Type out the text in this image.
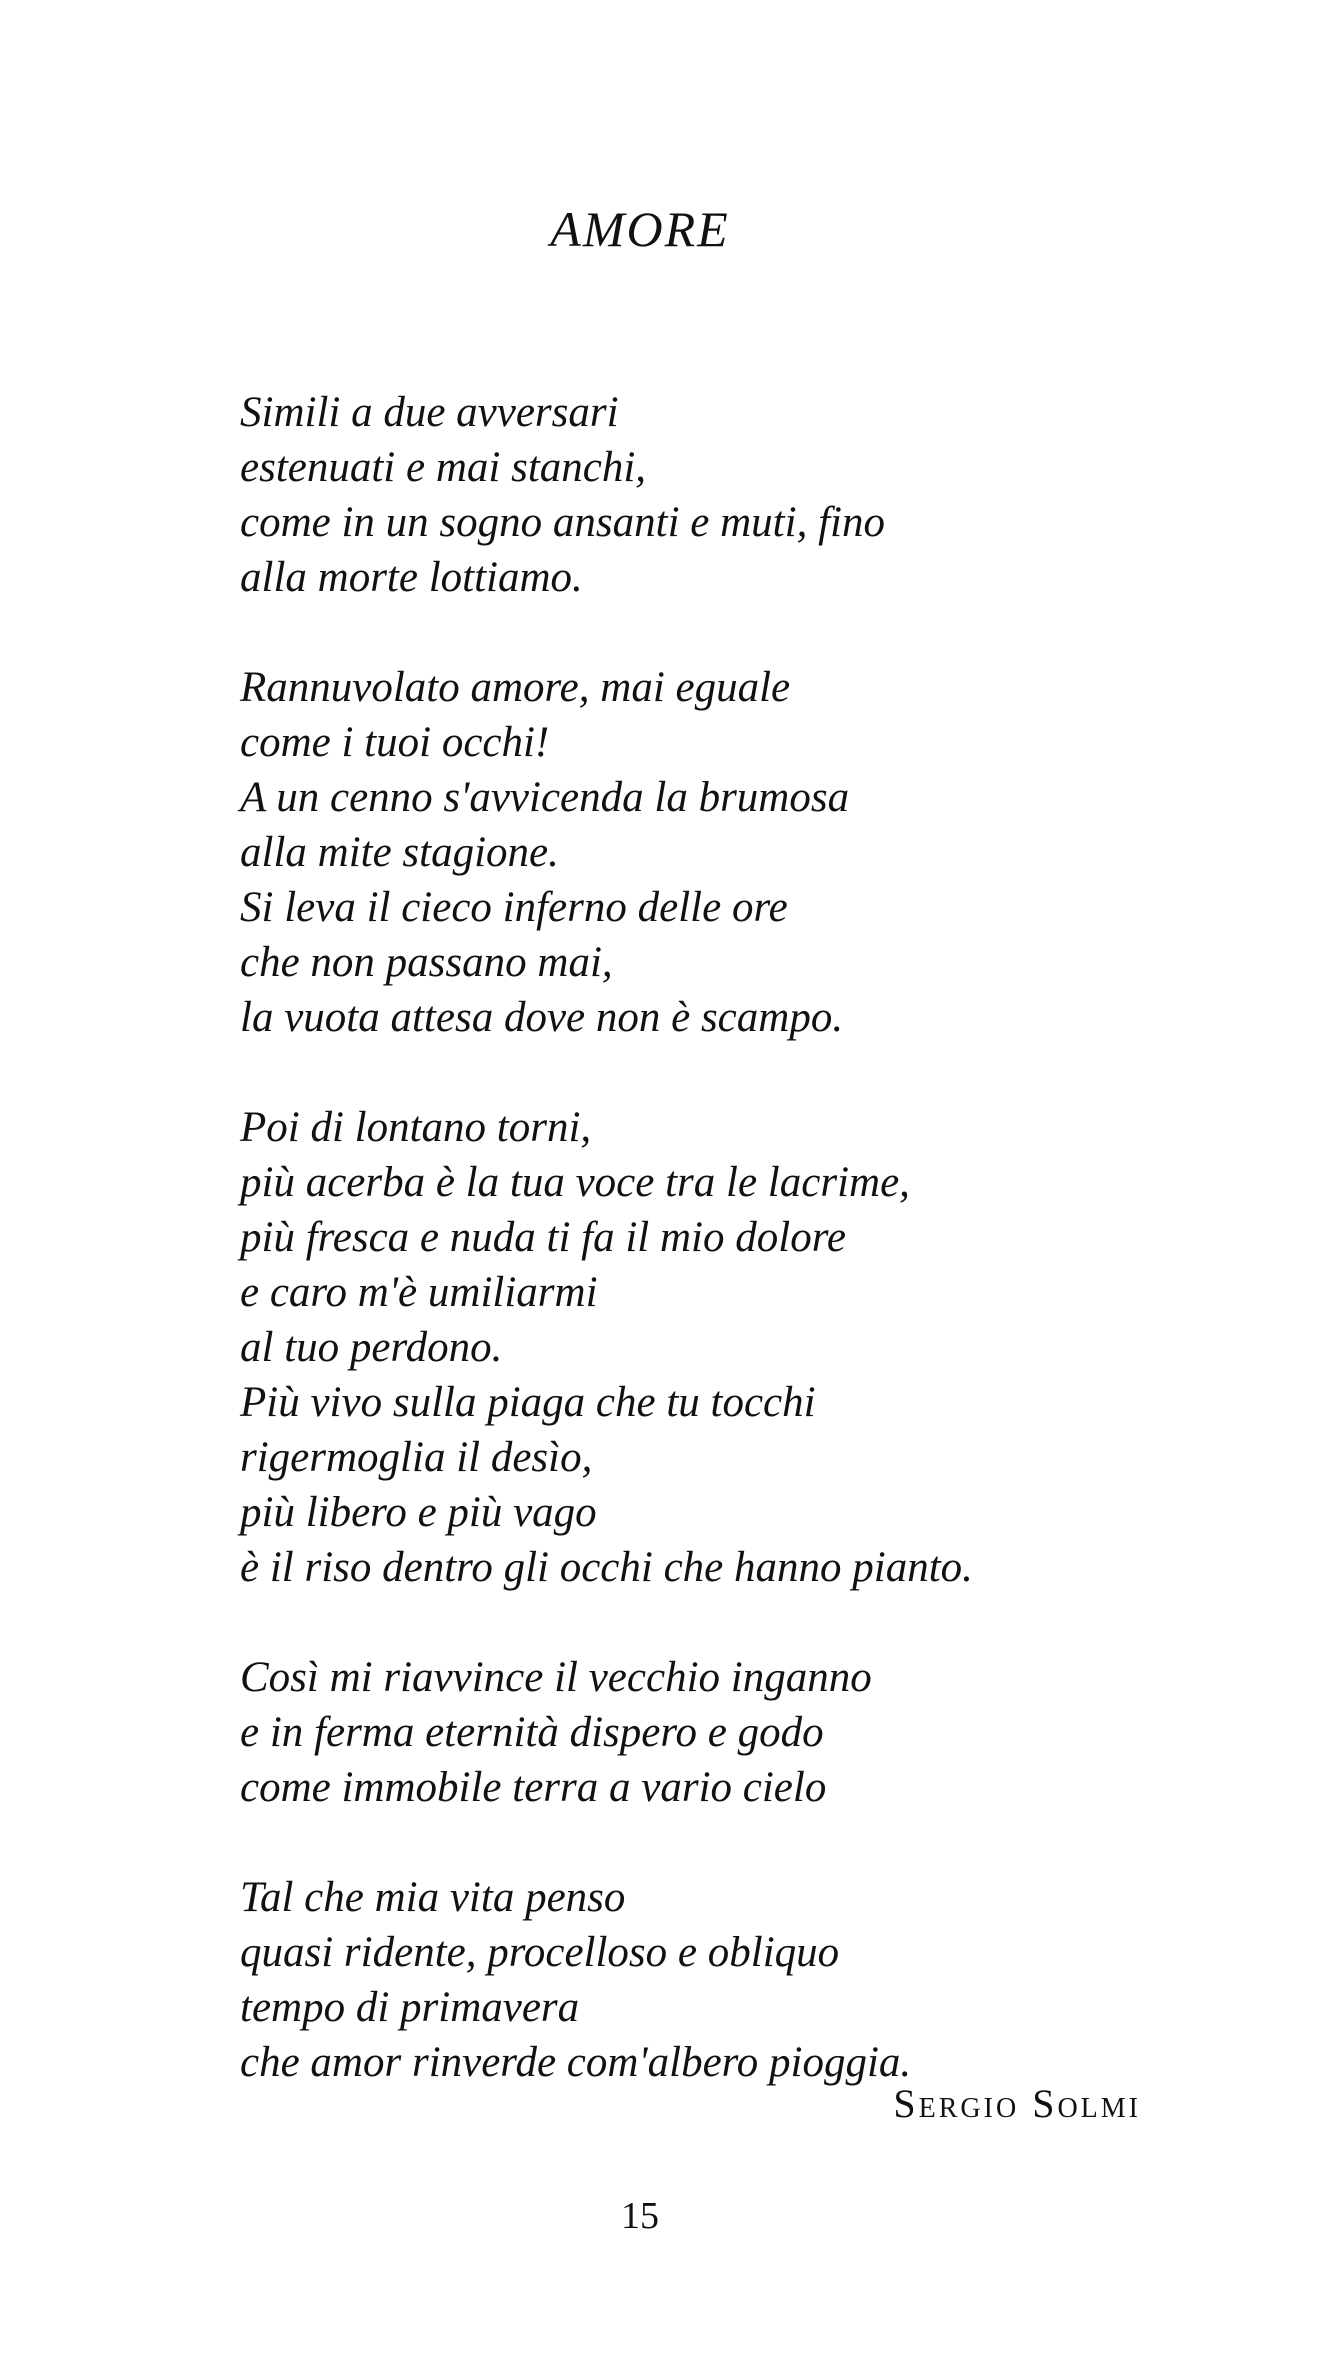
AMORE
Simili a due avversari
estenuati e mai stanchi,
come in un sogno ansanti e muti, fino
alla morte lottiamo.
Rannuvolato amore, mai eguale
come i tuoi occhi!
A un cenno s'avvicenda la brumosa
alla mite stagione.
Si leva il cieco inferno delle ore
che non passano mai,
la vuota attesa dove non è scampo.
Poi di lontano torni,
più acerba è la tua voce tra le lacrime,
più fresca e nuda ti fa il mio dolore
e caro m'è umiliarmi
al tuo perdono.
Più vivo sulla piaga che tu tocchi
rigermoglia il desìo,
più libero e più vago
è il riso dentro gli occhi che hanno pianto.
Così mi riavvince il vecchio inganno
e in ferma eternità dispero e godo
come immobile terra a vario cielo
Tal che mia vita penso
quasi ridente, procelloso e obliquo
tempo di primavera
che amor rinverde com'albero pioggia.
Sergio Solmi
15
